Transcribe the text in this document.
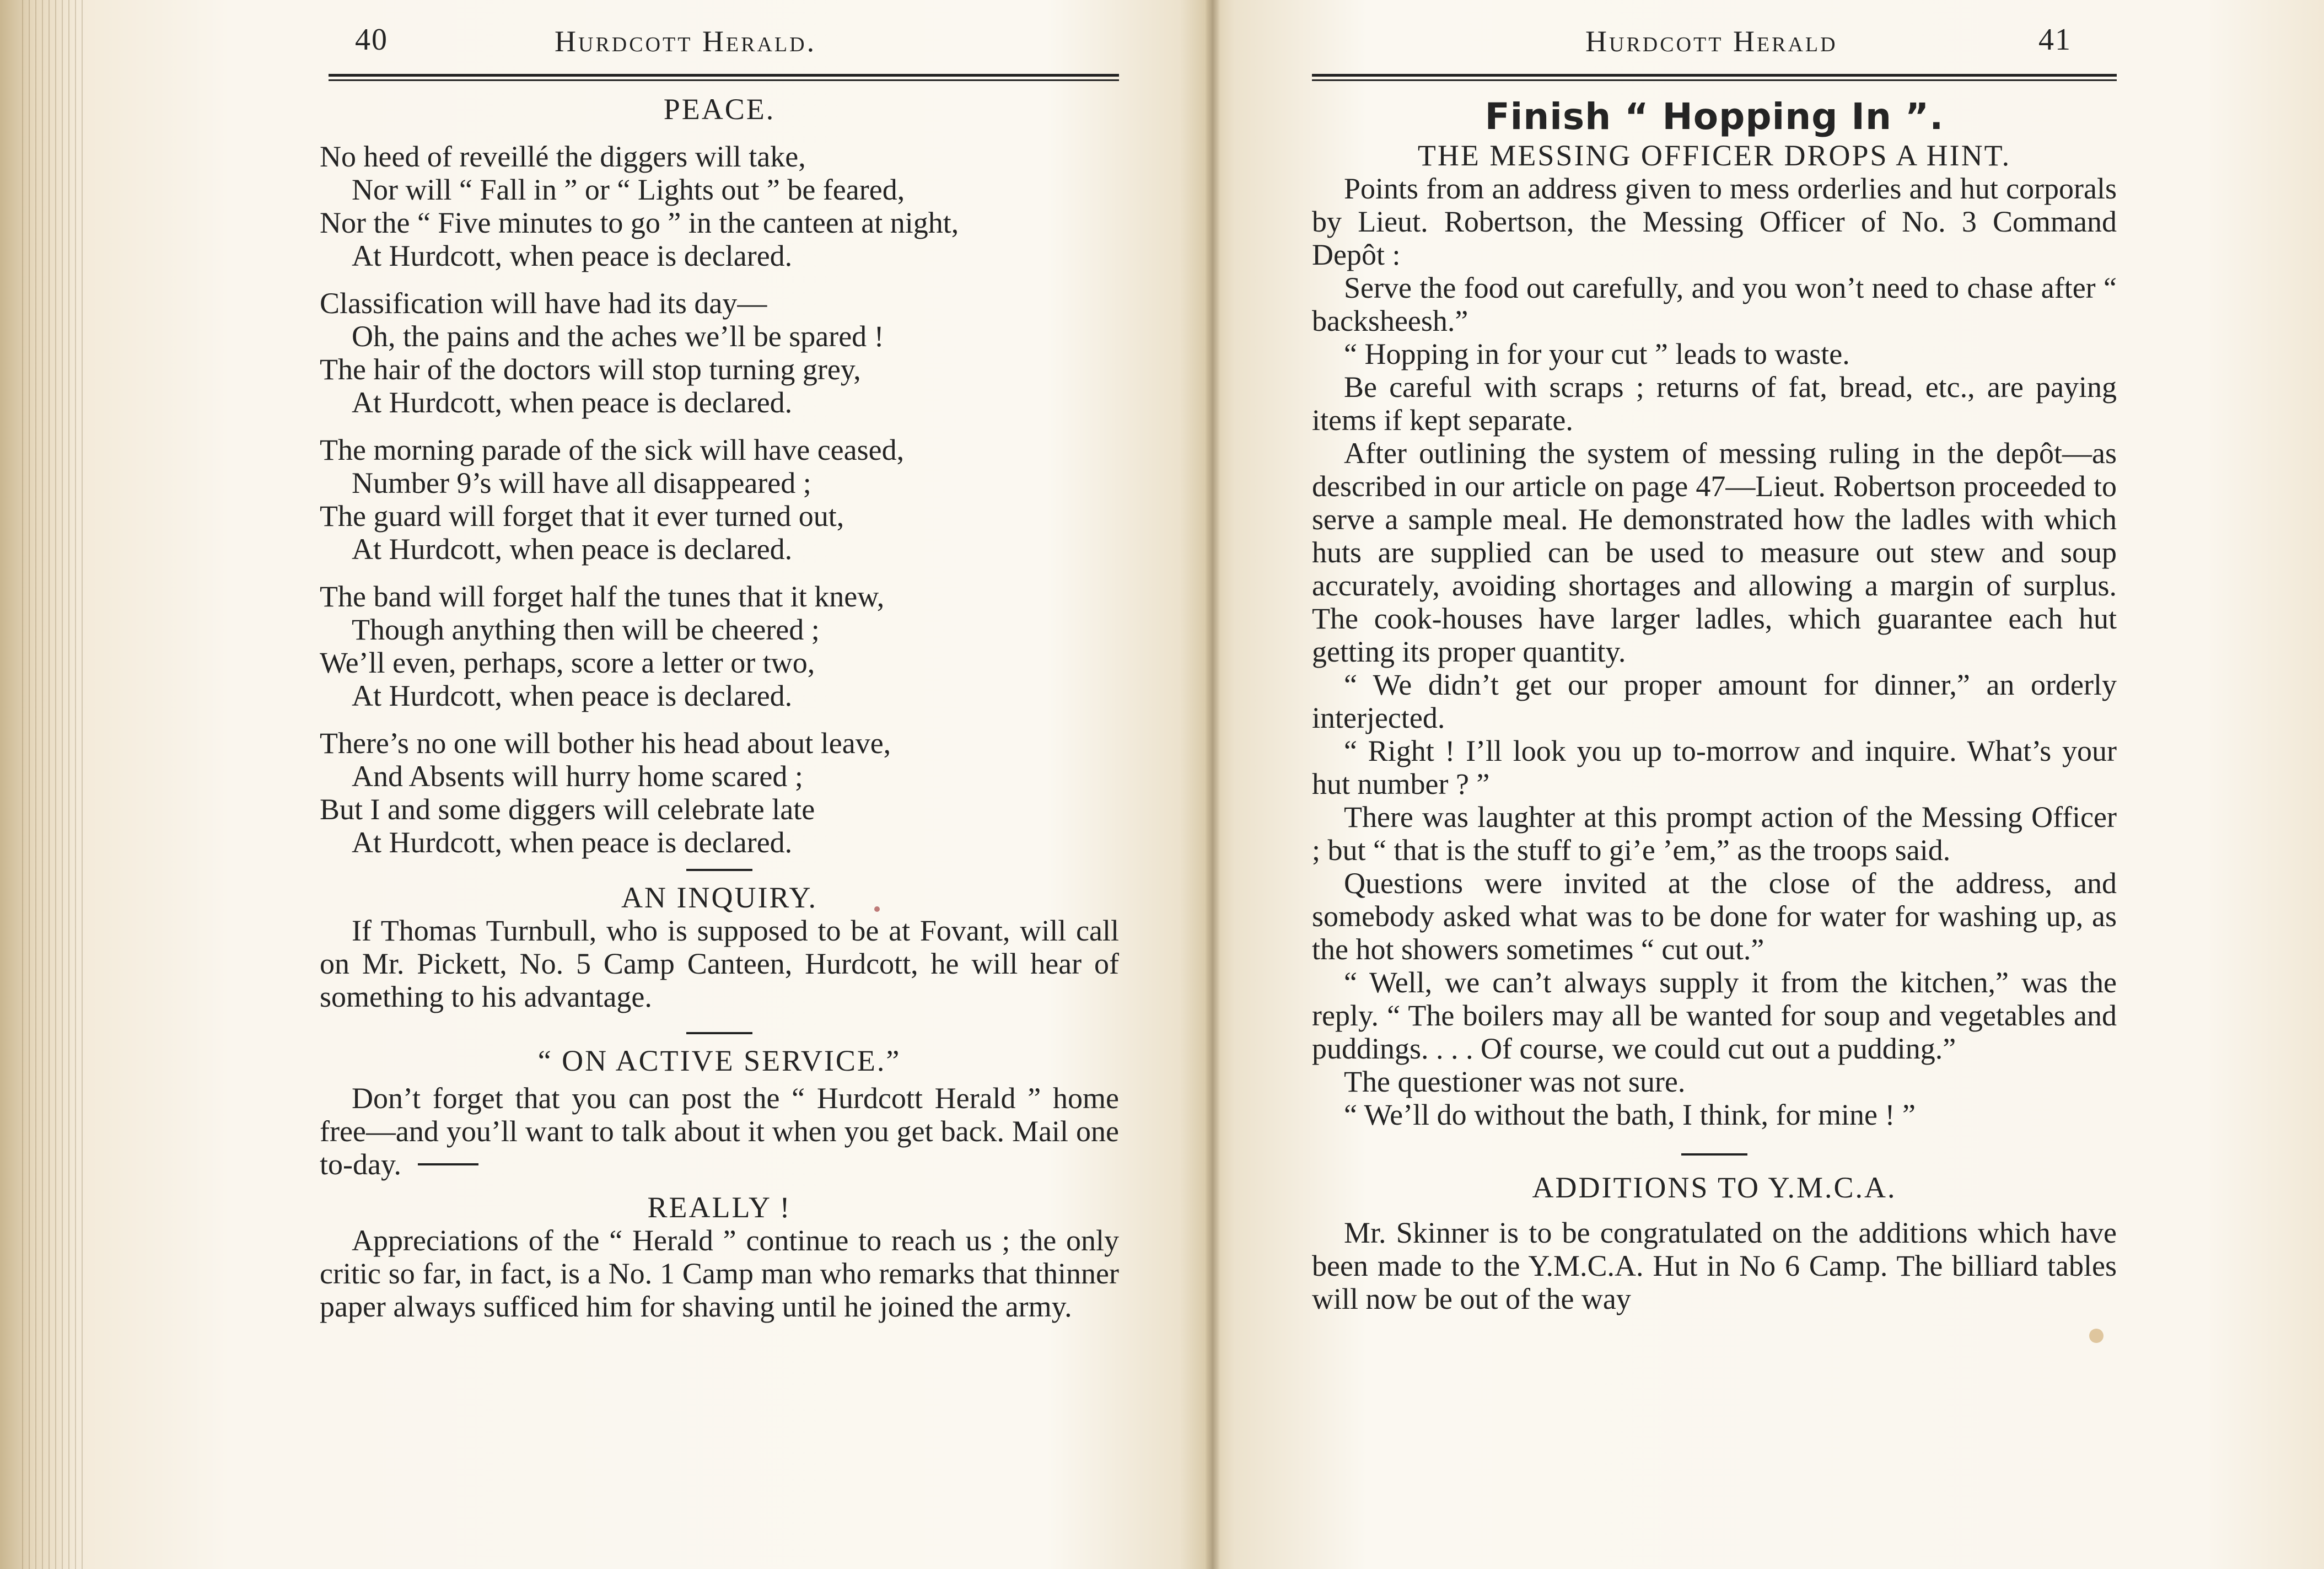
40	Hurdcott Herald.

PEACE.

No heed of reveillé the diggers will take,
Nor will “ Fall in ” or “ Lights out ” be feared,
Nor the “ Five minutes to go ” in the canteen at night,
At Hurdcott, when peace is declared.
Classification will have had its day—
Oh, the pains and the aches we’ll be spared !
The hair of the doctors will stop turning grey,
At Hurdcott, when peace is declared.
The morning parade of the sick will have ceased,
Number 9’s will have all disappeared ;
The guard will forget that it ever turned out,
At Hurdcott, when peace is declared.
The band will forget half the tunes that it knew,
Though anything then will be cheered ;
We’ll even, perhaps, score a letter or two,
At Hurdcott, when peace is declared.
There’s no one will bother his head about leave,
And Absents will hurry home scared ;
But I and some diggers will celebrate late
At Hurdcott, when peace is declared.

AN INQUIRY.

If Thomas Turnbull, who is supposed to be at Fovant, will call on Mr. Pickett, No. 5 Camp Canteen, Hurdcott, he will hear of something to his advantage.

“ ON ACTIVE SERVICE.”

Don’t forget that you can post the “ Hurdcott Herald ” home free—and you’ll want to talk about it when you get back. Mail one to-day.

REALLY !

Appreciations of the “ Herald ” continue to reach us ; the only critic so far, in fact, is a No. 1 Camp man who remarks that thinner paper always sufficed him for shaving until he joined the army.

Hurdcott Herald	41

Finish “ Hopping In ”.

THE MESSING OFFICER DROPS A HINT.

Points from an address given to mess orderlies and hut corporals by Lieut. Robertson, the Messing Officer of No. 3 Command Depôt :

Serve the food out carefully, and you won’t need to chase after “ backsheesh.”

“ Hopping in for your cut ” leads to waste.

Be careful with scraps ; returns of fat, bread, etc., are paying items if kept separate.

After outlining the system of messing ruling in the depôt—as described in our article on page 47—Lieut. Robertson proceeded to serve a sample meal. He demonstrated how the ladles with which huts are supplied can be used to measure out stew and soup accurately, avoiding shortages and allowing a margin of surplus. The cook-houses have larger ladles, which guarantee each hut getting its proper quantity.

“ We didn’t get our proper amount for dinner,” an orderly interjected.

“ Right ! I’ll look you up to-morrow and inquire. What’s your hut number ? ”

There was laughter at this prompt action of the Messing Officer ; but “ that is the stuff to gi’e ’em,” as the troops said.

Questions were invited at the close of the address, and somebody asked what was to be done for water for washing up, as the hot showers sometimes “ cut out.”

“ Well, we can’t always supply it from the kitchen,” was the reply. “ The boilers may all be wanted for soup and vegetables and puddings. . . . Of course, we could cut out a pudding.”

The questioner was not sure.

“ We’ll do without the bath, I think, for mine ! ”

ADDITIONS TO Y.M.C.A.

Mr. Skinner is to be congratulated on the additions which have been made to the Y.M.C.A. Hut in No 6 Camp. The billiard tables will now be out of the way
